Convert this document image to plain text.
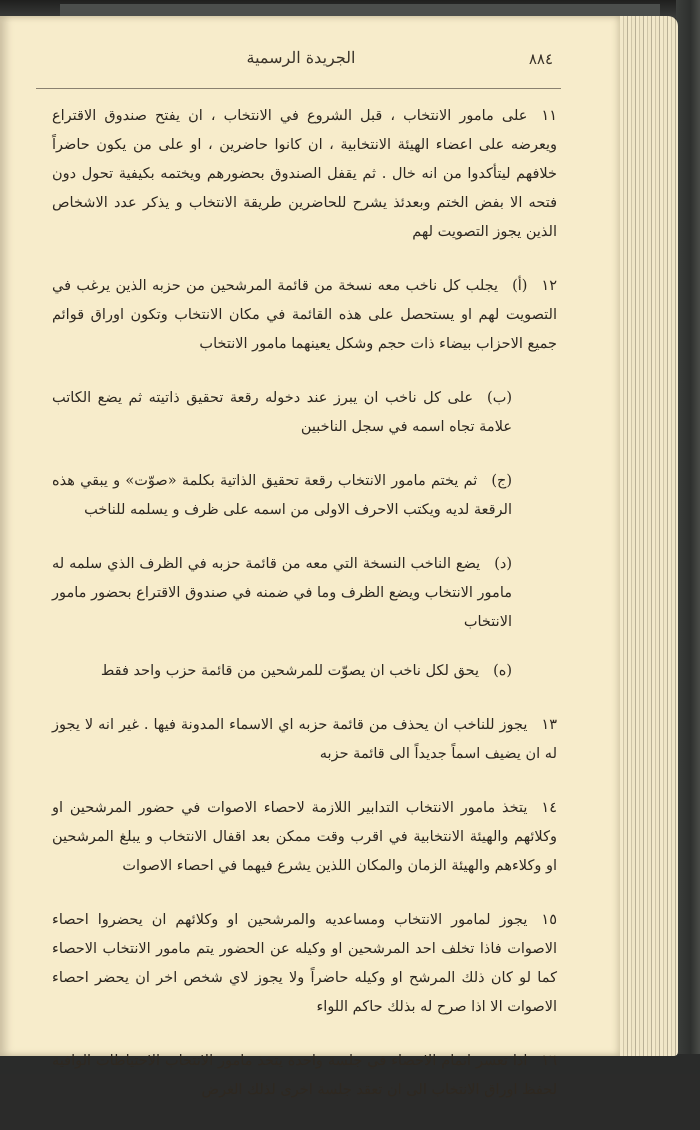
٨٨٤
الجريدة الرسمية

١١على مامور الانتخاب ، قبل الشروع في الانتخاب ، ان يفتح صندوق الاقتراع ويعرضه على اعضاء الهيئة الانتخابية ، ان كانوا حاضرين ، او على من يكون حاضراً خلافهم ليتأكدوا من انه خال . ثم يقفل الصندوق بحضورهم ويختمه بكيفية تحول دون فتحه الا بفض الختم وبعدئذ يشرح للحاضرين طريقة الانتخاب و يذكر عدد الاشخاص الذين يجوز التصويت لهم

١٢(أ)يجلب كل ناخب معه نسخة من قائمة المرشحين من حزبه الذين يرغب في التصويت لهم او يستحصل على هذه القائمة في مكان الانتخاب وتكون اوراق قوائم جميع الاحزاب بيضاء ذات حجم وشكل يعينهما مامور الانتخاب

(ب)على كل ناخب ان يبرز عند دخوله رقعة تحقيق ذاتيته ثم يضع الكاتب علامة تجاه اسمه في سجل الناخبين

(ج)ثم يختم مامور الانتخاب رقعة تحقيق الذاتية بكلمة «صوّت» و يبقي هذه الرقعة لديه ويكتب الاحرف الاولى من اسمه على ظرف و يسلمه للناخب

(د)يضع الناخب النسخة التي معه من قائمة حزبه في الظرف الذي سلمه له مامور الانتخاب ويضع الظرف وما في ضمنه في صندوق الاقتراع بحضور مامور الانتخاب

(ه)يحق لكل ناخب ان يصوّت للمرشحين من قائمة حزب واحد فقط

١٣يجوز للناخب ان يحذف من قائمة حزبه اي الاسماء المدونة فيها . غير انه لا يجوز له ان يضيف اسماً جديداً الى قائمة حزبه

١٤يتخذ مامور الانتخاب التدابير اللازمة لاحصاء الاصوات في حضور المرشحين او وكلائهم والهيئة الانتخابية في اقرب وقت ممكن بعد اقفال الانتخاب و يبلغ المرشحين او وكلاءهم والهيئة الزمان والمكان اللذين يشرع فيهما في احصاء الاصوات

١٥يجوز لمامور الانتخاب ومساعديه والمرشحين او وكلائهم ان يحضروا احصاء الاصوات فاذا تخلف احد المرشحين او وكيله عن الحضور يتم مامور الانتخاب الاحصاء كما لو كان ذلك المرشح او وكيله حاضراً ولا يجوز لاي شخص اخر ان يحضر احصاء الاصوات الا اذا صرح له بذلك حاكم اللواء

١٦اذا تعسر اتمام الاحصاء في جلسة واحدة يتخذ مامور الانتخاب الاحتياطات الوافية لحفظ اوراق الانتخاب الى ان تعقد جلسة اخرى لذلك الغرض
